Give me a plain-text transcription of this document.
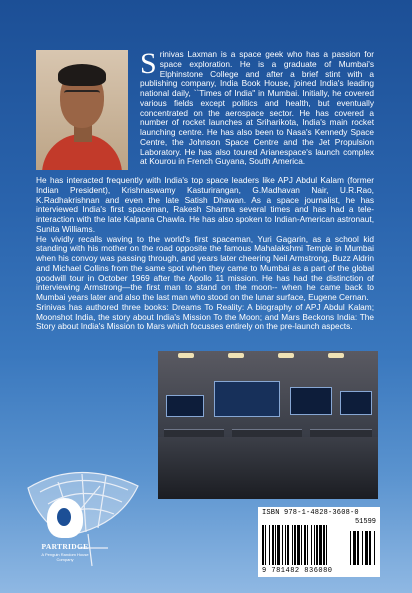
Srinivas Laxman is a space geek who has a passion for space exploration. He is a graduate of Mumbai's Elphinstone College and after a brief stint with a publishing company, India Book House, joined India's leading national daily, ``Times of India" in Mumbai. Initially, he covered various fields except politics and health, but eventually concentrated on the aerospace sector. He has covered a number of rocket launches at Sriharikota, India's main rocket launching centre. He has also been to Nasa's Kennedy Space Centre, the Johnson Space Centre and the Jet Propulsion Laboratory. He has also toured Arianespace's launch complex at Kourou in French Guyana, South America.

He has interacted frequently with India's top space leaders like APJ Abdul Kalam (former Indian President), Krishnaswamy Kasturirangan, G.Madhavan Nair, U.R.Rao, K.Radhakrishnan and even the late Satish Dhawan. As a space journalist, he has interviewed India's first spaceman, Rakesh Sharma several times and has had a tele-interaction with the late Kalpana Chawla. He has also spoken to Indian-American astronaut, Sunita Williams.

He vividly recalls waving to the world's first spaceman, Yuri Gagarin, as a school kid standing with his mother on the road opposite the famous Mahalakshmi Temple in Mumbai when his convoy was passing through, and years later cheering Neil Armstrong, Buzz Aldrin and Michael Collins from the same spot when they came to Mumbai as a part of the global goodwill tour in October 1969 after the Apollo 11 mission. He has had the distinction of interviewing Armstrong—the first man to stand on the moon-- when he came back to Mumbai years later and also the last man who stood on the lunar surface, Eugene Cernan.

Srinivas has authored three books: Dreams To Reality: A biography of APJ Abdul Kalam; Moonshot India, the story about India's Mission To the Moon; and Mars Beckons India: The Story about India's Mission to Mars which focusses entirely on the pre-launch aspects.

PARTRIDGE
A Penguin Random House Company
ISBN 978-1-4828-3608-0
51599
9 781482 836080
